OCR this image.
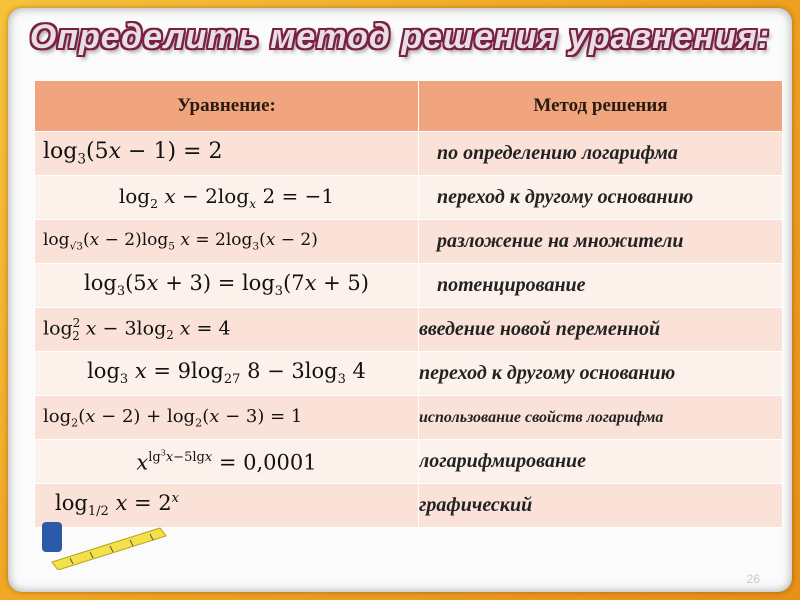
Определить метод решения уравнения:
Уравнение:	Метод решения
$\log_3(5x - 1) = 2$	по определению логарифма
$\log_2 x - 2\log_x$ 2 = −1	переход к другому основанию
$\log_{√3}(x - 2)\log_5$ $x = 2\log_3(x - 2)$	разложение на множители
$\log_3(5x + 3) = \log_3(7x + 5)$	потенцирование
$\log^2_2 x - 3\log_2$ x = 4	введение новой переменной
$\log_3 x = 9\log_{27}$ $8 - 3\log_3$ 4	переход к другому основанию
$\log_2(x - 2) + \log_2(x - 3) = 1$	использование свойств логарифма
$x^{lg^3x-5lgx} = 0,0001$	логарифмирование
$\log_{1/2} x = 2^x$	графический
26
